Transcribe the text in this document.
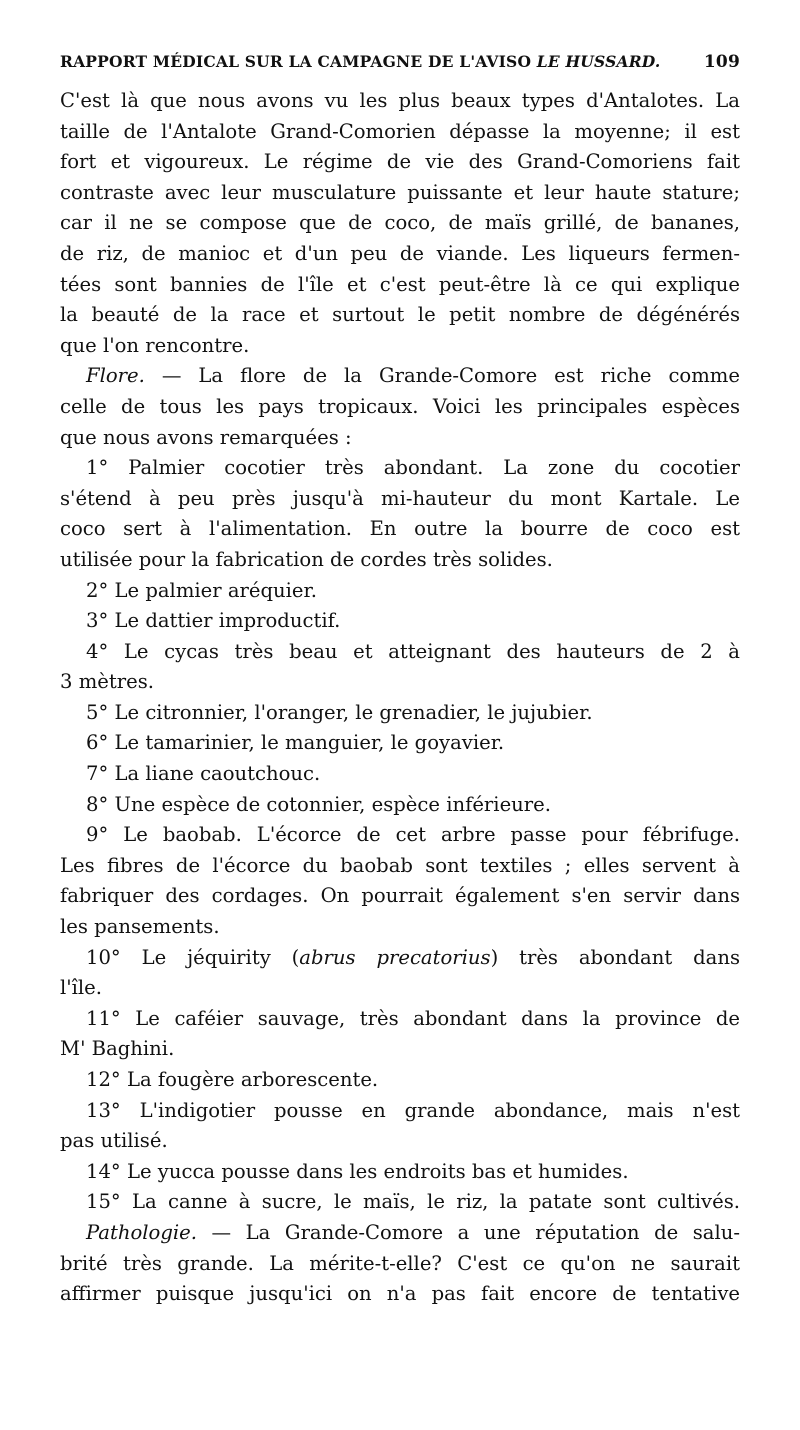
RAPPORT MÉDICAL SUR LA CAMPAGNE DE L'AVISO LE HUSSARD.	109
C'est là que nous avons vu les plus beaux types d'Antalotes. La
taille de l'Antalote Grand-Comorien dépasse la moyenne; il est
fort et vigoureux. Le régime de vie des Grand-Comoriens fait
contraste avec leur musculature puissante et leur haute stature;
car il ne se compose que de coco, de maïs grillé, de bananes,
de riz, de manioc et d'un peu de viande. Les liqueurs fermen-
tées sont bannies de l'île et c'est peut-être là ce qui explique
la beauté de la race et surtout le petit nombre de dégénérés
que l'on rencontre.
Flore. — La flore de la Grande-Comore est riche comme
celle de tous les pays tropicaux. Voici les principales espèces
que nous avons remarquées :
1° Palmier cocotier très abondant. La zone du cocotier
s'étend à peu près jusqu'à mi-hauteur du mont Kartale. Le
coco sert à l'alimentation. En outre la bourre de coco est
utilisée pour la fabrication de cordes très solides.
2° Le palmier aréquier.
3° Le dattier improductif.
4° Le cycas très beau et atteignant des hauteurs de 2 à
3 mètres.
5° Le citronnier, l'oranger, le grenadier, le jujubier.
6° Le tamarinier, le manguier, le goyavier.
7° La liane caoutchouc.
8° Une espèce de cotonnier, espèce inférieure.
9° Le baobab. L'écorce de cet arbre passe pour fébrifuge.
Les fibres de l'écorce du baobab sont textiles ; elles servent à
fabriquer des cordages. On pourrait également s'en servir dans
les pansements.
10° Le jéquirity (abrus precatorius) très abondant dans
l'île.
11° Le caféier sauvage, très abondant dans la province de
M' Baghini.
12° La fougère arborescente.
13° L'indigotier pousse en grande abondance, mais n'est
pas utilisé.
14° Le yucca pousse dans les endroits bas et humides.
15° La canne à sucre, le maïs, le riz, la patate sont cultivés.
Pathologie. — La Grande-Comore a une réputation de salu-
brité très grande. La mérite-t-elle? C'est ce qu'on ne saurait
affirmer puisque jusqu'ici on n'a pas fait encore de tentative
